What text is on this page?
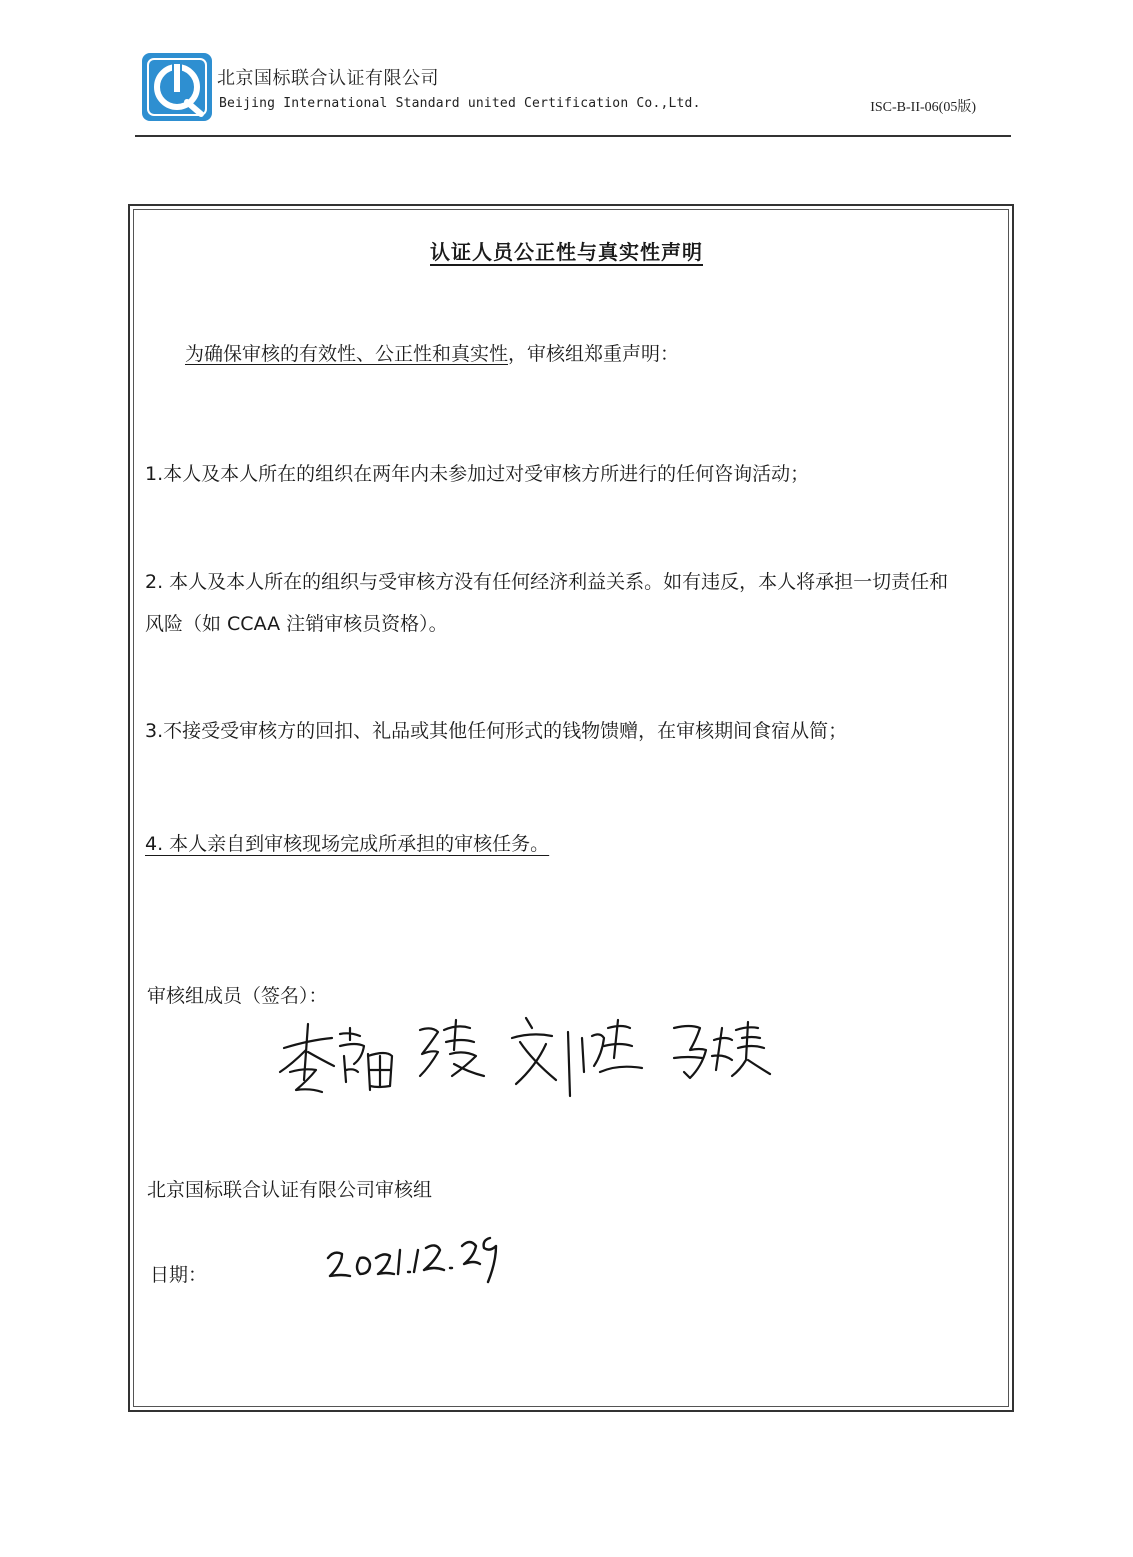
北京国标联合认证有限公司
Beijing International Standard united Certification Co.,Ltd.	ISC-B-II-06(05版)
认证人员公正性与真实性声明
为确保审核的有效性、公正性和真实性，审核组郑重声明：
1.本人及本人所在的组织在两年内未参加过对受审核方所进行的任何咨询活动；
2. 本人及本人所在的组织与受审核方没有任何经济利益关系。如有违反，本人将承担一切责任和
风险（如 CCAA 注销审核员资格）。
3.不接受受审核方的回扣、礼品或其他任何形式的钱物馈赠，在审核期间食宿从简；
4. 本人亲自到审核现场完成所承担的审核任务。
审核组成员（签名）：
北京国标联合认证有限公司审核组
日期：
